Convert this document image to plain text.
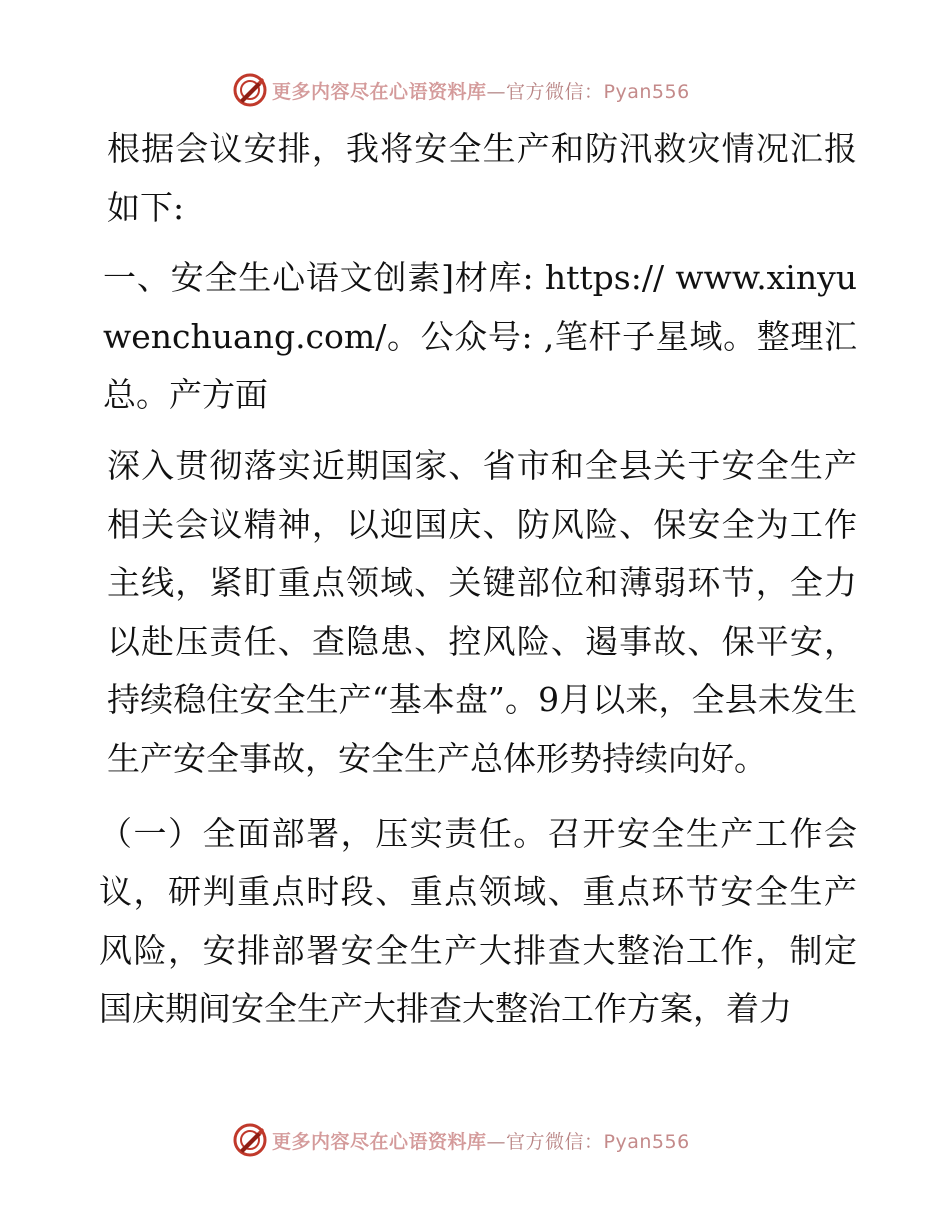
更多内容尽在心语资料库—官方微信：Pyan556

根据会议安排，我将安全生产和防汛救灾情况汇报如下:

一、安全生心语文创素]材库: https:// www.xinyuwenchuang.com/。公众号: ,笔杆子星域。整理汇总。产方面

深入贯彻落实近期国家、省市和全县关于安全生产相关会议精神，以迎国庆、防风险、保安全为工作主线，紧盯重点领域、关键部位和薄弱环节，全力以赴压责任、查隐患、控风险、遏事故、保平安，持续稳住安全生产“基本盘”。9月以来，全县未发生生产安全事故，安全生产总体形势持续向好。

（一）全面部署，压实责任。召开安全生产工作会议，研判重点时段、重点领域、重点环节安全生产风险，安排部署安全生产大排查大整治工作，制定国庆期间安全生产大排查大整治工作方案，着力

更多内容尽在心语资料库—官方微信：Pyan556
